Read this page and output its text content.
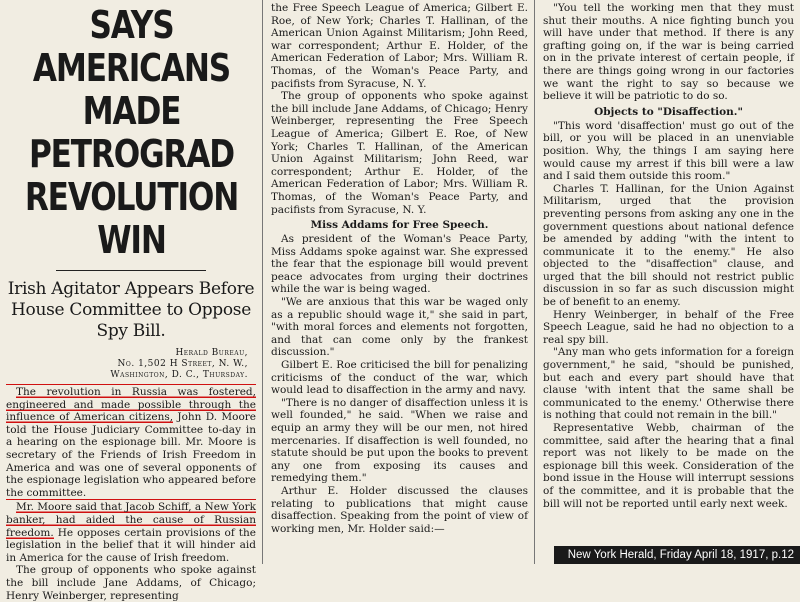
SAYS AMERICANS MADE PETROGRAD REVOLUTION WIN
Irish Agitator Appears Before House Committee to Oppose Spy Bill.
Herald Bureau,
No. 1,502 H Street, N. W.,
Washington, D. C., Thursday.

The revolution in Russia was fostered, engineered and made possible through the influence of American citizens, John D. Moore told the House Judiciary Committee to-day in a hearing on the espionage bill. Mr. Moore is secretary of the Friends of Irish Freedom in America and was one of several opponents of the espionage legislation who appeared before the committee.

Mr. Moore said that Jacob Schiff, a New York banker, had aided the cause of Russian freedom. He opposes certain provisions of the legislation in the belief that it will hinder aid in America for the cause of Irish freedom.

The group of opponents who spoke against the bill include Jane Addams, of Chicago; Henry Weinberger, representing

the Free Speech League of America; Gilbert E. Roe, of New York; Charles T. Hallinan, of the American Union Against Militarism; John Reed, war correspondent; Arthur E. Holder, of the American Federation of Labor; Mrs. William R. Thomas, of the Woman's Peace Party, and pacifists from Syracuse, N. Y.

The group of opponents who spoke against the bill include Jane Addams, of Chicago; Henry Weinberger, representing the Free Speech League of America; Gilbert E. Roe, of New York; Charles T. Hallinan, of the American Union Against Militarism; John Reed, war correspondent; Arthur E. Holder, of the American Federation of Labor; Mrs. William R. Thomas, of the Woman's Peace Party, and pacifists from Syracuse, N. Y.

Miss Addams for Free Speech.

As president of the Woman's Peace Party, Miss Addams spoke against war. She expressed the fear that the espionage bill would prevent peace advocates from urging their doctrines while the war is being waged.

"We are anxious that this war be waged only as a republic should wage it," she said in part, "with moral forces and elements not forgotten, and that can come only by the frankest discussion."

Gilbert E. Roe criticised the bill for penalizing criticisms of the conduct of the war, which would lead to disaffection in the army and navy.

"There is no danger of disaffection unless it is well founded," he said. "When we raise and equip an army they will be our men, not hired mercenaries. If disaffection is well founded, no statute should be put upon the books to prevent any one from exposing its causes and remedying them."

Arthur E. Holder discussed the clauses relating to publications that might cause disaffection. Speaking from the point of view of working men, Mr. Holder said:—

"You tell the working men that they must shut their mouths. A nice fighting bunch you will have under that method. If there is any grafting going on, if the war is being carried on in the private interest of certain people, if there are things going wrong in our factories we want the right to say so because we believe it will be patriotic to do so.

Objects to "Disaffection."

"This word 'disaffection' must go out of the bill, or you will be placed in an unenviable position. Why, the things I am saying here would cause my arrest if this bill were a law and I said them outside this room."

Charles T. Hallinan, for the Union Against Militarism, urged that the provision preventing persons from asking any one in the government questions about national defence be amended by adding "with the intent to communicate it to the enemy." He also objected to the "disaffection" clause, and urged that the bill should not restrict public discussion in so far as such discussion might be of benefit to an enemy.

Henry Weinberger, in behalf of the Free Speech League, said he had no objection to a real spy bill.

"Any man who gets information for a foreign government," he said, "should be punished, but each and every part should have that clause 'with intent that the same shall be communicated to the enemy.' Otherwise there is nothing that could not remain in the bill."

Representative Webb, chairman of the committee, said after the hearing that a final report was not likely to be made on the espionage bill this week. Consideration of the bond issue in the House will interrupt sessions of the committee, and it is probable that the bill will not be reported until early next week.

New York Herald, Friday April 18, 1917, p.12
